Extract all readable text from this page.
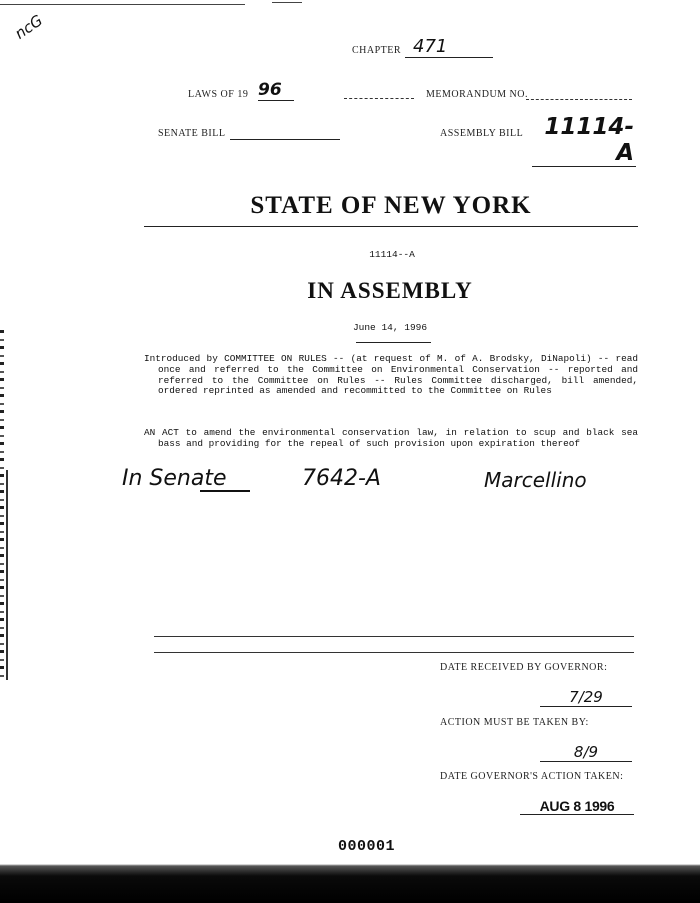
ncG
CHAPTER 471
LAWS OF 19 96	MEMORANDUM NO.
SENATE BILL	ASSEMBLY BILL 11114-A
STATE OF NEW YORK
11114--A
IN ASSEMBLY
June 14, 1996

Introduced by COMMITTEE ON RULES -- (at request of M. of A. Brodsky, DiNapoli) -- read once and referred to the Committee on Environmental Conservation -- reported and referred to the Committee on Rules -- Rules Committee discharged, bill amended, ordered reprinted as amended and recommitted to the Committee on Rules

AN ACT to amend the environmental conservation law, in relation to scup and black sea bass and providing for the repeal of such provision upon expiration thereof

In Senate	7642-A	Marcellino
DATE RECEIVED BY GOVERNOR:
7/29
ACTION MUST BE TAKEN BY:
8/9
DATE GOVERNOR'S ACTION TAKEN:
AUG 8 1996
000001
